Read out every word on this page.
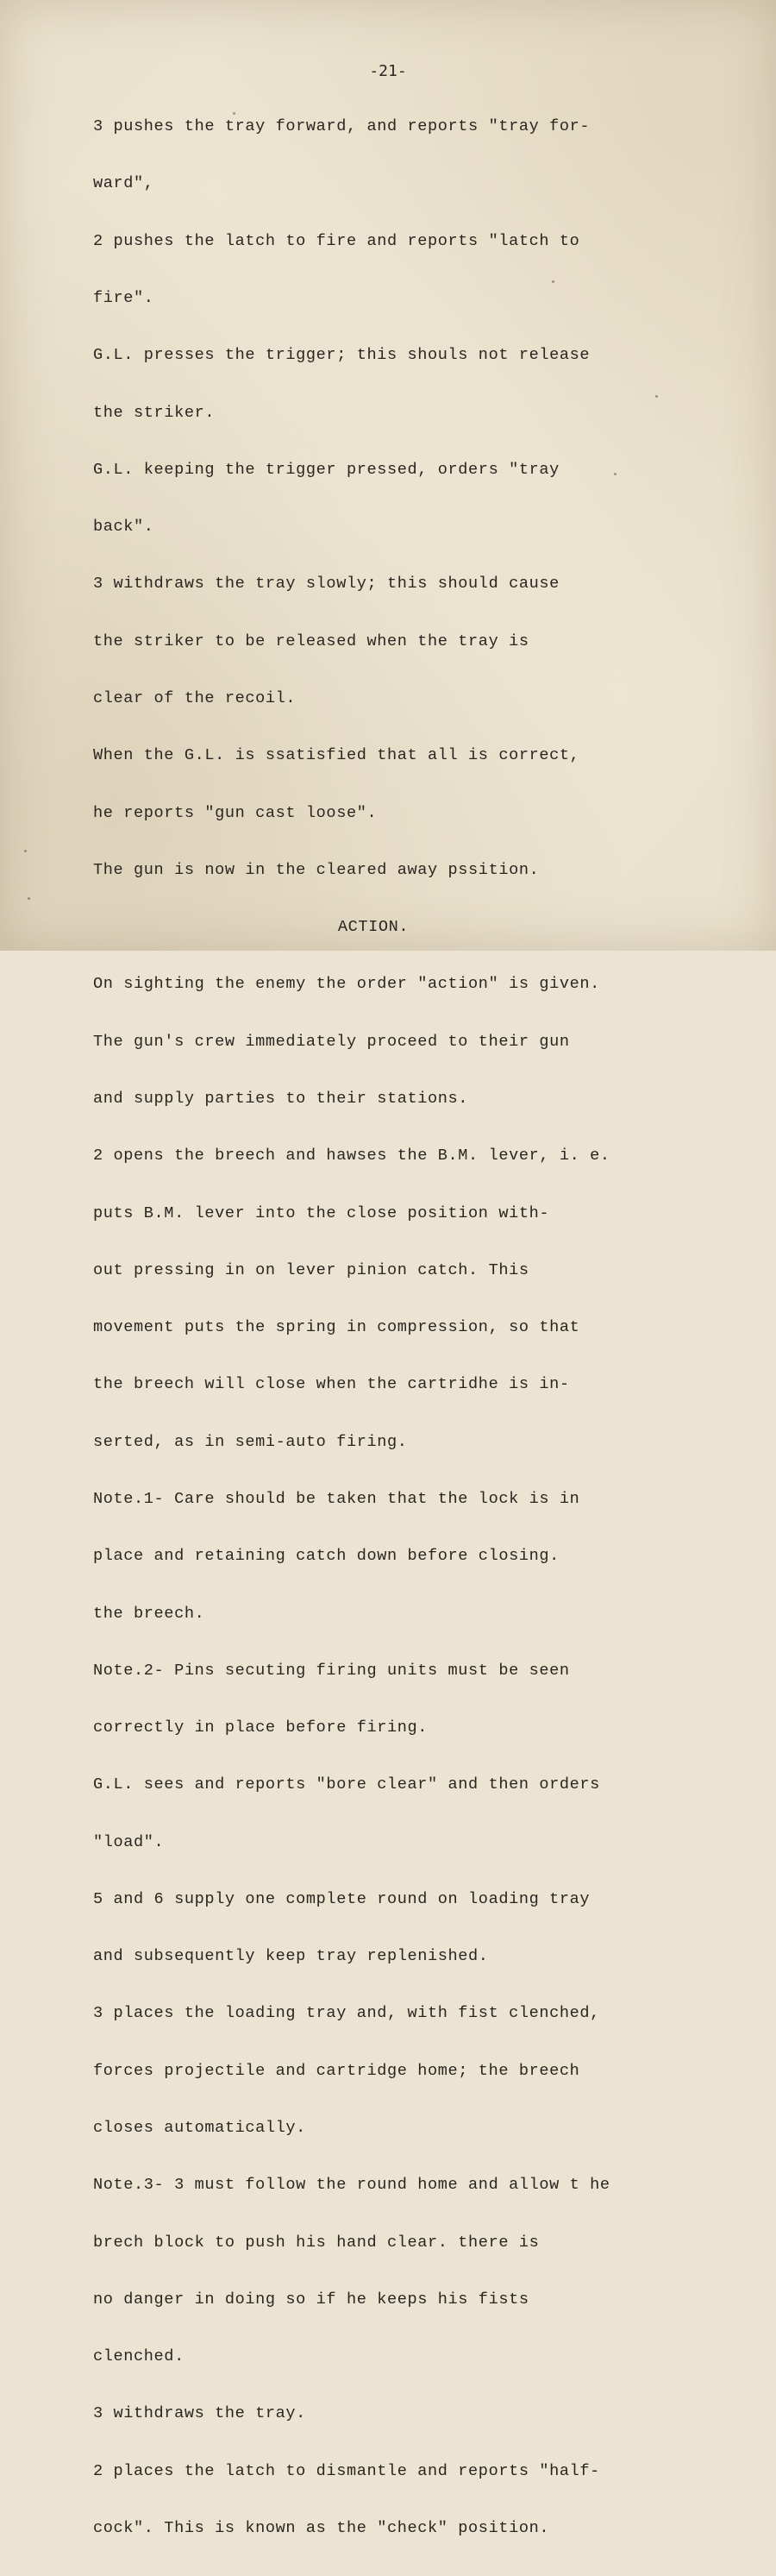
-21-

3 pushes the tray forward, and reports "tray for-

ward",

2 pushes the latch to fire and reports "latch to

fire".

G.L. presses the trigger; this shouls not release

the striker.

G.L. keeping the trigger pressed, orders "tray

back".

3 withdraws the tray slowly; this should cause

the striker to be released when the tray is

clear of the recoil.

When the G.L. is ssatisfied that all is correct,

he reports "gun cast loose".

The gun is now in the cleared away pssition.

ACTION.

On sighting the enemy the order "action" is given.

The gun's crew immediately proceed to their gun

and supply parties to their stations.

2 opens the breech and hawses the B.M. lever, i. e.

puts B.M. lever into the close position with-

out pressing in on lever pinion catch. This

movement puts the spring in compression, so that

the breech will close when the cartridhe is in-

serted, as in semi-auto firing.

Note.1- Care should be taken that the lock is in

place and retaining catch down before closing.

the breech.

Note.2- Pins secuting firing units must be seen

correctly in place before firing.

G.L. sees and reports "bore clear" and then orders

"load".

5 and 6 supply one complete round on loading tray

and subsequently keep tray replenished.

3 places the loading tray and, with fist clenched,

forces projectile and cartridge home; the breech

closes automatically.

Note.3- 3 must follow the round home and allow t he

brech block to push his hand clear. there is

no danger in doing so if he keeps his fists

clenched.

3 withdraws the tray.

2 places the latch to dismantle and reports "half-

cock". This is known as the "check" position.
